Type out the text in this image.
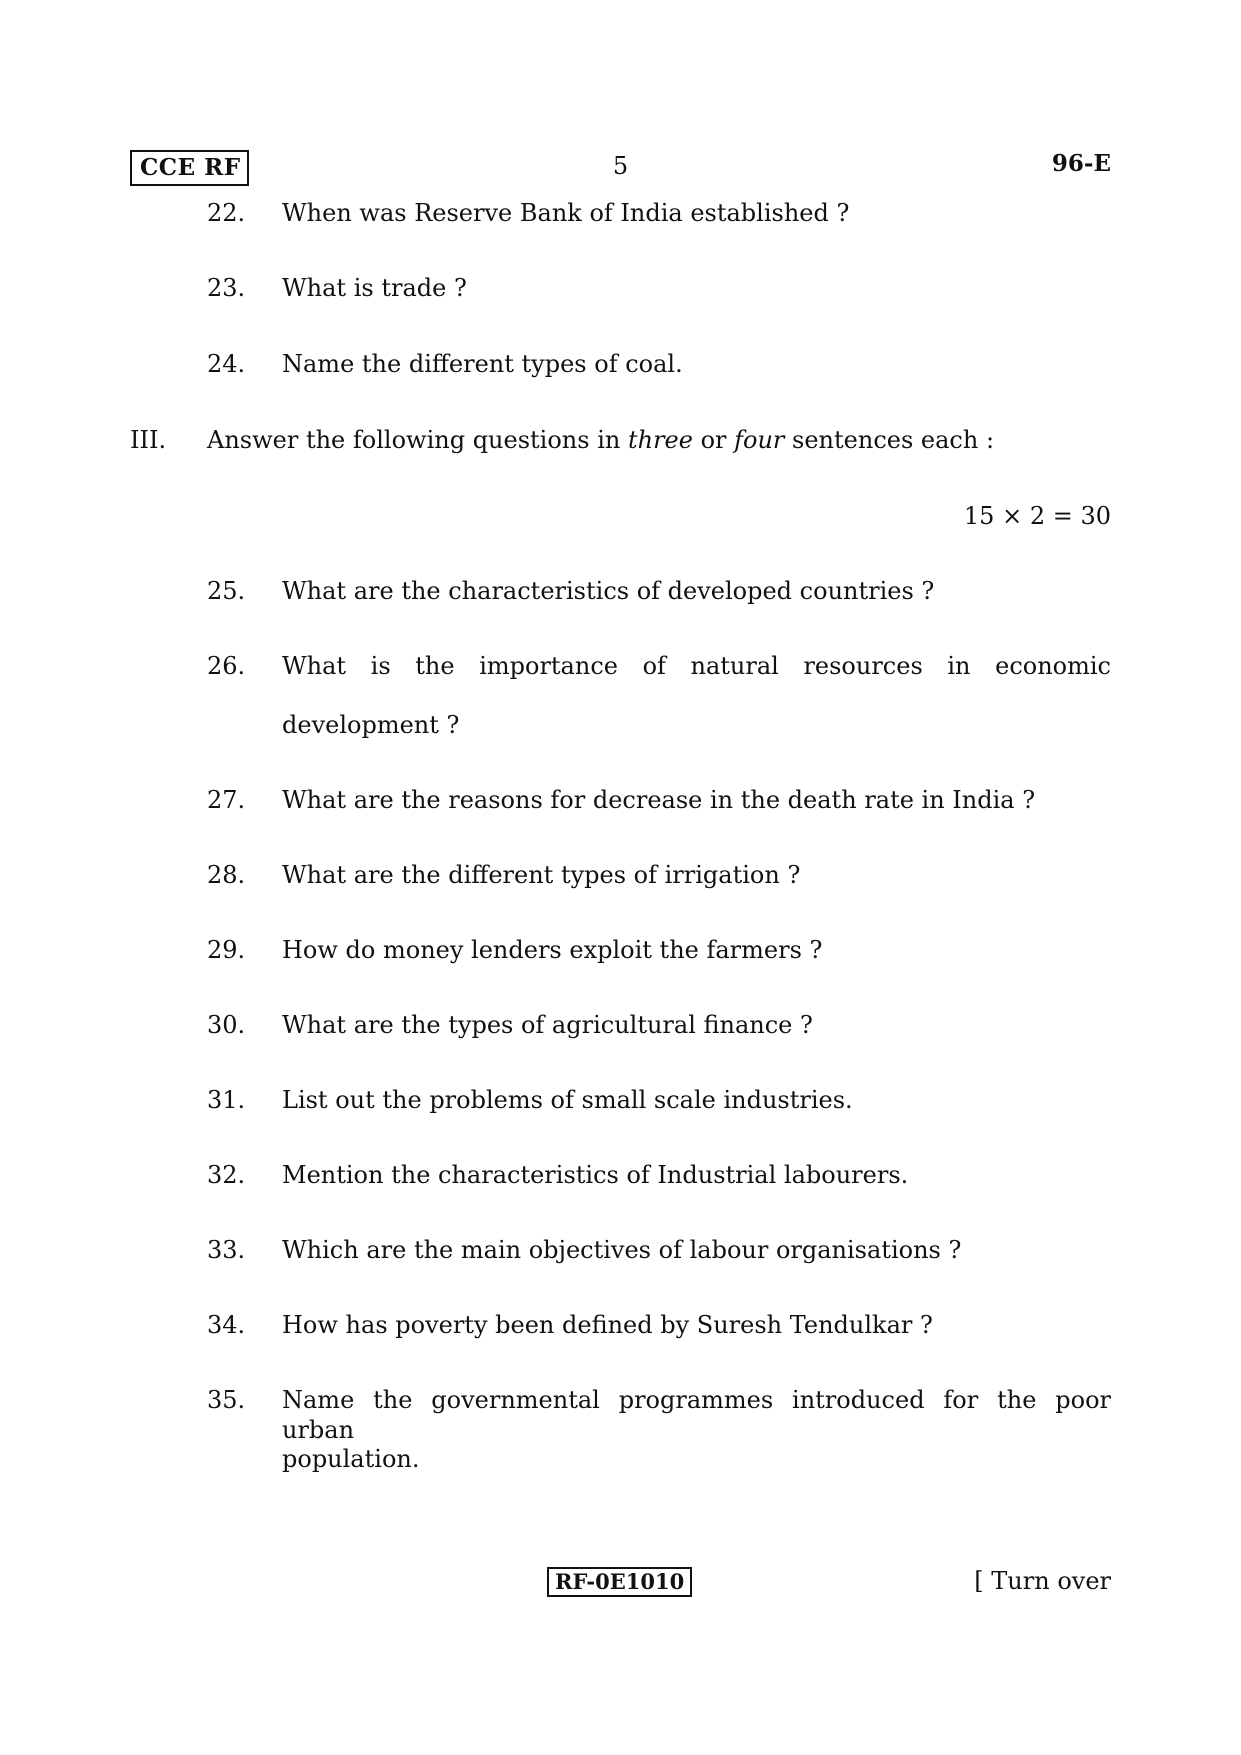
CCE RF	5	96-E
22. When was Reserve Bank of India established ?
23. What is trade ?
24. Name the different types of coal.
III. Answer the following questions in three or four sentences each :
15 × 2 = 30
25. What are the characteristics of developed countries ?
26. What is the importance of natural resources in economic
development ?
27. What are the reasons for decrease in the death rate in India ?
28. What are the different types of irrigation ?
29. How do money lenders exploit the farmers ?
30. What are the types of agricultural finance ?
31. List out the problems of small scale industries.
32. Mention the characteristics of Industrial labourers.
33. Which are the main objectives of labour organisations ?
34. How has poverty been defined by Suresh Tendulkar ?
35. Name the governmental programmes introduced for the poor urban
population.
RF-0E1010	[ Turn over
